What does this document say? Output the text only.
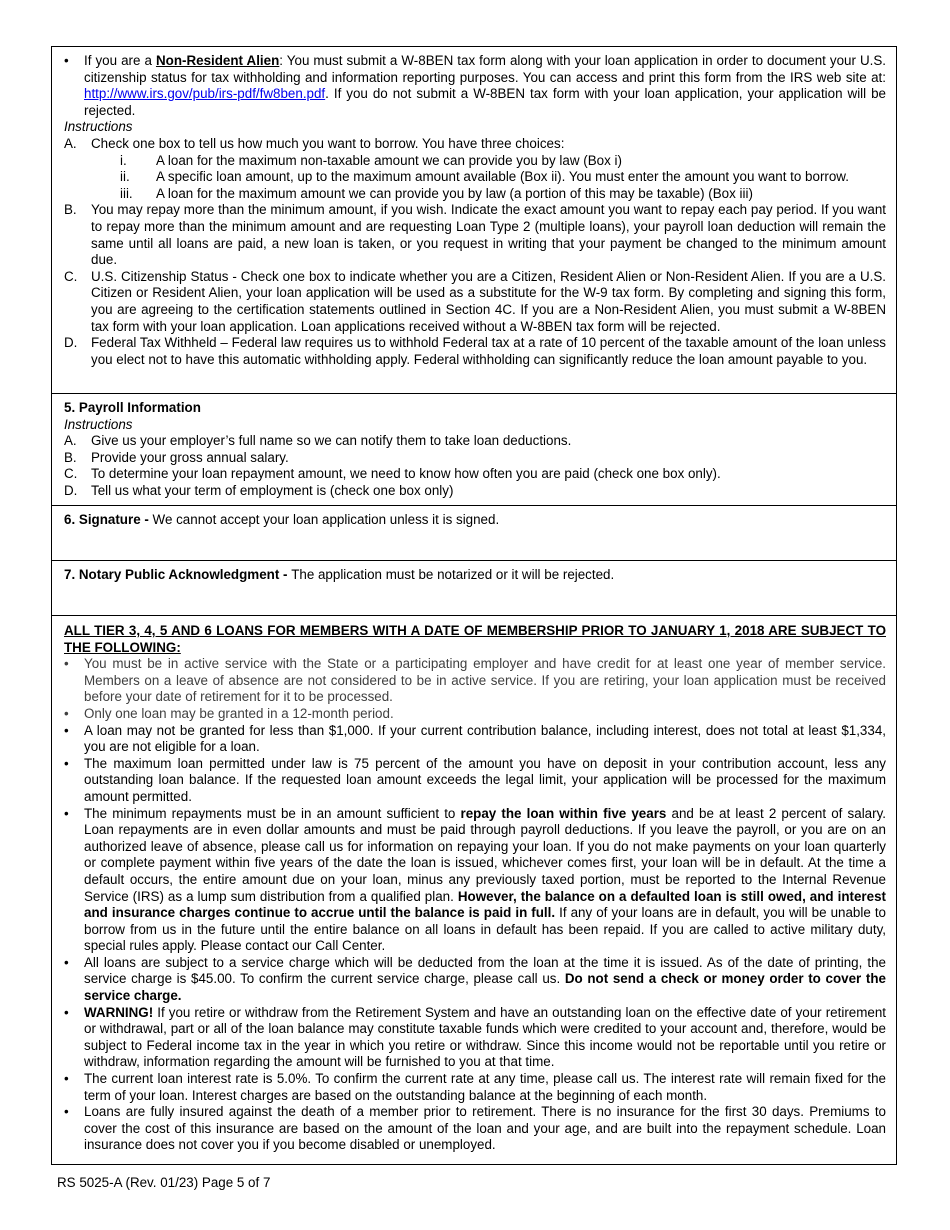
• If you are a Non-Resident Alien: You must submit a W-8BEN tax form along with your loan application in order to document your U.S. citizenship status for tax withholding and information reporting purposes. You can access and print this form from the IRS web site at: http://www.irs.gov/pub/irs-pdf/fw8ben.pdf. If you do not submit a W-8BEN tax form with your loan application, your application will be rejected.

Instructions

A. Check one box to tell us how much you want to borrow. You have three choices:

i. A loan for the maximum non-taxable amount we can provide you by law (Box i)

ii. A specific loan amount, up to the maximum amount available (Box ii). You must enter the amount you want to borrow.

iii. A loan for the maximum amount we can provide you by law (a portion of this may be taxable) (Box iii)

B. You may repay more than the minimum amount, if you wish. Indicate the exact amount you want to repay each pay period. If you want to repay more than the minimum amount and are requesting Loan Type 2 (multiple loans), your payroll loan deduction will remain the same until all loans are paid, a new loan is taken, or you request in writing that your payment be changed to the minimum amount due.

C. U.S. Citizenship Status - Check one box to indicate whether you are a Citizen, Resident Alien or Non-Resident Alien. If you are a U.S. Citizen or Resident Alien, your loan application will be used as a substitute for the W-9 tax form. By completing and signing this form, you are agreeing to the certification statements outlined in Section 4C. If you are a Non-Resident Alien, you must submit a W-8BEN tax form with your loan application. Loan applications received without a W-8BEN tax form will be rejected.

D. Federal Tax Withheld – Federal law requires us to withhold Federal tax at a rate of 10 percent of the taxable amount of the loan unless you elect not to have this automatic withholding apply. Federal withholding can significantly reduce the loan amount payable to you.

5. Payroll Information

Instructions

A. Give us your employer’s full name so we can notify them to take loan deductions.

B. Provide your gross annual salary.

C. To determine your loan repayment amount, we need to know how often you are paid (check one box only).

D. Tell us what your term of employment is (check one box only)

6. Signature - We cannot accept your loan application unless it is signed.

7. Notary Public Acknowledgment - The application must be notarized or it will be rejected.

ALL TIER 3, 4, 5 AND 6 LOANS FOR MEMBERS WITH A DATE OF MEMBERSHIP PRIOR TO JANUARY 1, 2018 ARE SUBJECT TO THE FOLLOWING:

• You must be in active service with the State or a participating employer and have credit for at least one year of member service. Members on a leave of absence are not considered to be in active service. If you are retiring, your loan application must be received before your date of retirement for it to be processed.

• Only one loan may be granted in a 12-month period.

• A loan may not be granted for less than $1,000. If your current contribution balance, including interest, does not total at least $1,334, you are not eligible for a loan.

• The maximum loan permitted under law is 75 percent of the amount you have on deposit in your contribution account, less any outstanding loan balance. If the requested loan amount exceeds the legal limit, your application will be processed for the maximum amount permitted.

• The minimum repayments must be in an amount sufficient to repay the loan within five years and be at least 2 percent of salary. Loan repayments are in even dollar amounts and must be paid through payroll deductions. If you leave the payroll, or you are on an authorized leave of absence, please call us for information on repaying your loan. If you do not make payments on your loan quarterly or complete payment within five years of the date the loan is issued, whichever comes first, your loan will be in default. At the time a default occurs, the entire amount due on your loan, minus any previously taxed portion, must be reported to the Internal Revenue Service (IRS) as a lump sum distribution from a qualified plan. However, the balance on a defaulted loan is still owed, and interest and insurance charges continue to accrue until the balance is paid in full. If any of your loans are in default, you will be unable to borrow from us in the future until the entire balance on all loans in default has been repaid. If you are called to active military duty, special rules apply. Please contact our Call Center.

• All loans are subject to a service charge which will be deducted from the loan at the time it is issued. As of the date of printing, the service charge is $45.00. To confirm the current service charge, please call us. Do not send a check or money order to cover the service charge.

• WARNING! If you retire or withdraw from the Retirement System and have an outstanding loan on the effective date of your retirement or withdrawal, part or all of the loan balance may constitute taxable funds which were credited to your account and, therefore, would be subject to Federal income tax in the year in which you retire or withdraw. Since this income would not be reportable until you retire or withdraw, information regarding the amount will be furnished to you at that time.

• The current loan interest rate is 5.0%. To confirm the current rate at any time, please call us. The interest rate will remain fixed for the term of your loan. Interest charges are based on the outstanding balance at the beginning of each month.

• Loans are fully insured against the death of a member prior to retirement. There is no insurance for the first 30 days. Premiums to cover the cost of this insurance are based on the amount of the loan and your age, and are built into the repayment schedule. Loan insurance does not cover you if you become disabled or unemployed.

RS 5025-A (Rev. 01/23) Page 5 of 7
